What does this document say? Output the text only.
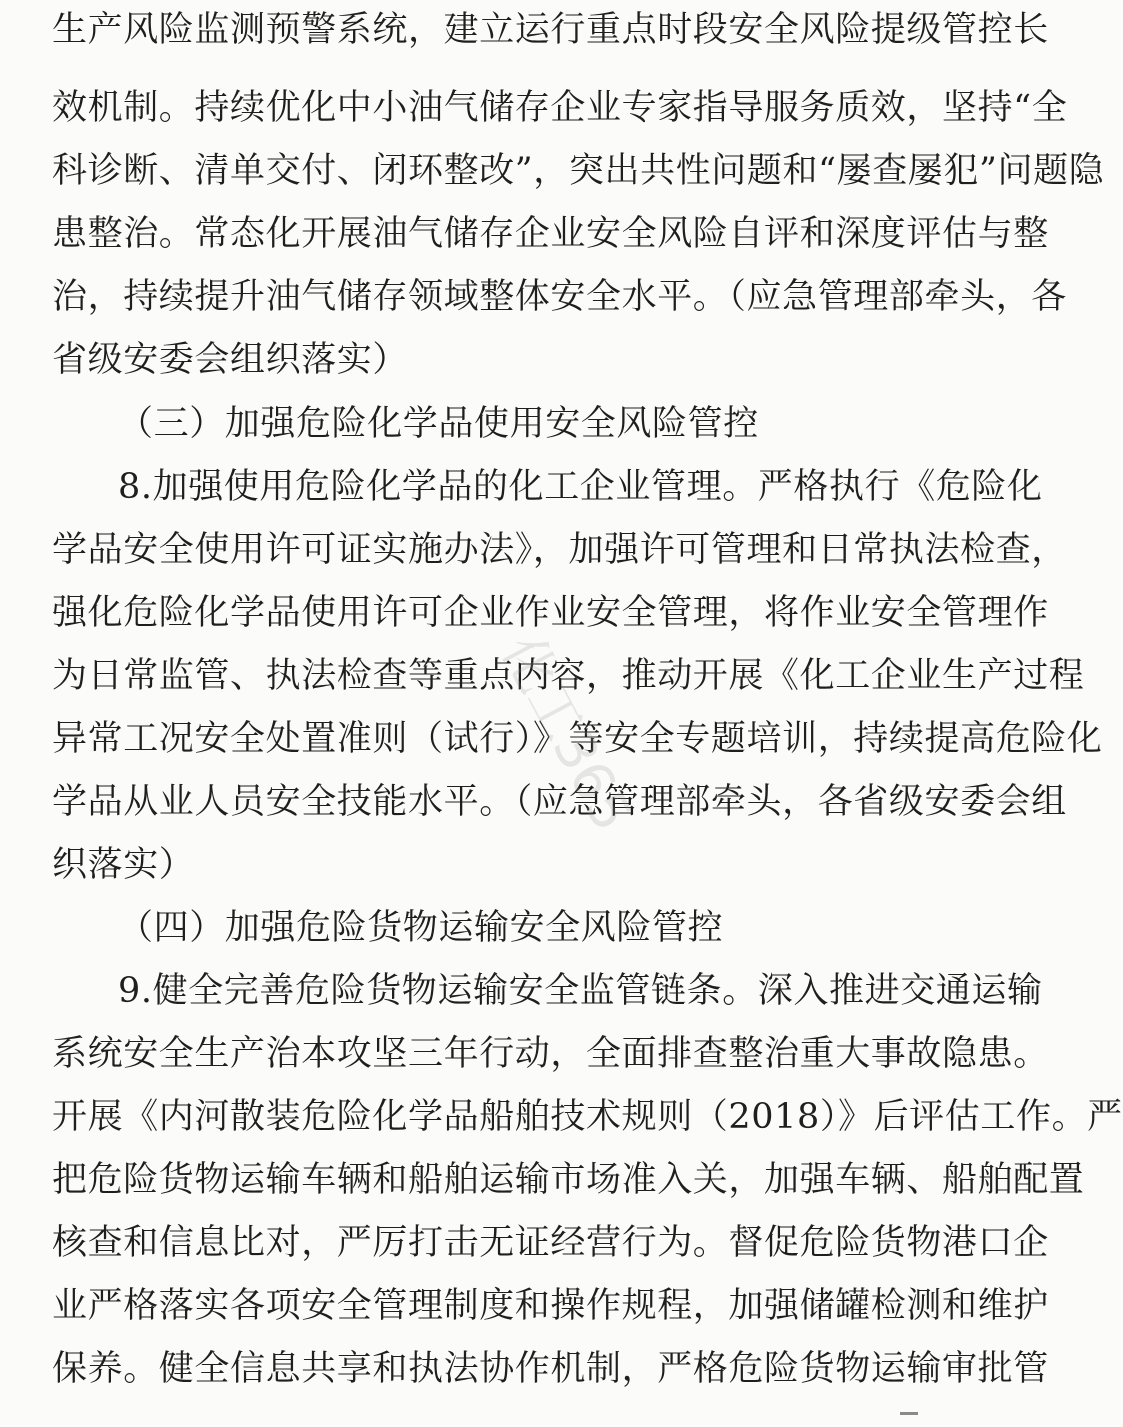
生产风险监测预警系统，建立运行重点时段安全风险提级管控长
效机制。持续优化中小油气储存企业专家指导服务质效，坚持“全
科诊断、清单交付、闭环整改”，突出共性问题和“屡查屡犯”问题隐
患整治。常态化开展油气储存企业安全风险自评和深度评估与整
治，持续提升油气储存领域整体安全水平。（应急管理部牵头，各
省级安委会组织落实）
（三）加强危险化学品使用安全风险管控
8.加强使用危险化学品的化工企业管理。严格执行《危险化
学品安全使用许可证实施办法》，加强许可管理和日常执法检查，
强化危险化学品使用许可企业作业安全管理，将作业安全管理作
为日常监管、执法检查等重点内容，推动开展《化工企业生产过程
异常工况安全处置准则（试行）》等安全专题培训，持续提高危险化
学品从业人员安全技能水平。（应急管理部牵头，各省级安委会组
织落实）
（四）加强危险货物运输安全风险管控
9.健全完善危险货物运输安全监管链条。深入推进交通运输
系统安全生产治本攻坚三年行动，全面排查整治重大事故隐患。
开展《内河散装危险化学品船舶技术规则（2018）》后评估工作。严
把危险货物运输车辆和船舶运输市场准入关，加强车辆、船舶配置
核查和信息比对，严厉打击无证经营行为。督促危险货物港口企
业严格落实各项安全管理制度和操作规程，加强储罐检测和维护
保养。健全信息共享和执法协作机制，严格危险货物运输审批管
化工365
